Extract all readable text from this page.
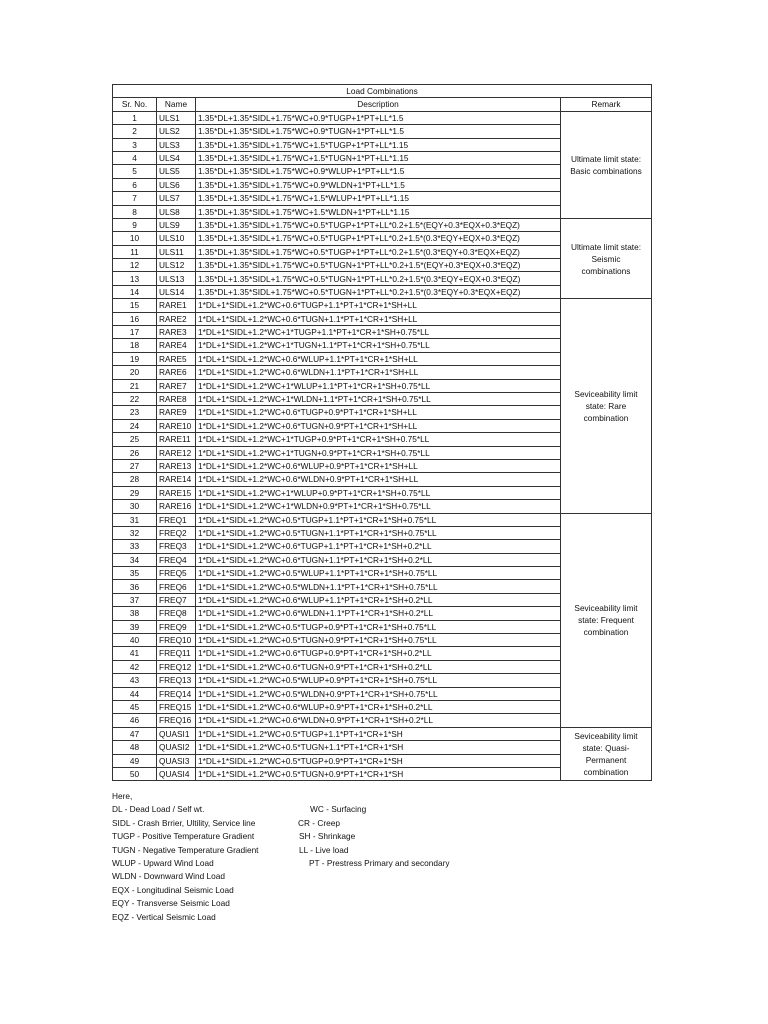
Load Combinations			
Sr. No.	Name	Description	Remark
1	ULS1	1.35*DL+1.35*SIDL+1.75*WC+0.9*TUGP+1*PT+LL*1.5	Ultimate limit state: Basic combinations
2	ULS2	1.35*DL+1.35*SIDL+1.75*WC+0.9*TUGN+1*PT+LL*1.5	
3	ULS3	1.35*DL+1.35*SIDL+1.75*WC+1.5*TUGP+1*PT+LL*1.15	
4	ULS4	1.35*DL+1.35*SIDL+1.75*WC+1.5*TUGN+1*PT+LL*1.15	
5	ULS5	1.35*DL+1.35*SIDL+1.75*WC+0.9*WLUP+1*PT+LL*1.5	
6	ULS6	1.35*DL+1.35*SIDL+1.75*WC+0.9*WLDN+1*PT+LL*1.5	
7	ULS7	1.35*DL+1.35*SIDL+1.75*WC+1.5*WLUP+1*PT+LL*1.15	
8	ULS8	1.35*DL+1.35*SIDL+1.75*WC+1.5*WLDN+1*PT+LL*1.15	
9	ULS9	1.35*DL+1.35*SIDL+1.75*WC+0.5*TUGP+1*PT+LL*0.2+1.5*(EQY+0.3*EQX+0.3*EQZ)	Ultimate limit state: Seismic combinations
10	ULS10	1.35*DL+1.35*SIDL+1.75*WC+0.5*TUGP+1*PT+LL*0.2+1.5*(0.3*EQY+EQX+0.3*EQZ)	
11	ULS11	1.35*DL+1.35*SIDL+1.75*WC+0.5*TUGP+1*PT+LL*0.2+1.5*(0.3*EQY+0.3*EQX+EQZ)	
12	ULS12	1.35*DL+1.35*SIDL+1.75*WC+0.5*TUGN+1*PT+LL*0.2+1.5*(EQY+0.3*EQX+0.3*EQZ)	
13	ULS13	1.35*DL+1.35*SIDL+1.75*WC+0.5*TUGN+1*PT+LL*0.2+1.5*(0.3*EQY+EQX+0.3*EQZ)	
14	ULS14	1.35*DL+1.35*SIDL+1.75*WC+0.5*TUGN+1*PT+LL*0.2+1.5*(0.3*EQY+0.3*EQX+EQZ)	
15	RARE1	1*DL+1*SIDL+1.2*WC+0.6*TUGP+1.1*PT+1*CR+1*SH+LL	Seviceability limit state: Rare combination
16	RARE2	1*DL+1*SIDL+1.2*WC+0.6*TUGN+1.1*PT+1*CR+1*SH+LL	
17	RARE3	1*DL+1*SIDL+1.2*WC+1*TUGP+1.1*PT+1*CR+1*SH+0.75*LL	
18	RARE4	1*DL+1*SIDL+1.2*WC+1*TUGN+1.1*PT+1*CR+1*SH+0.75*LL	
19	RARE5	1*DL+1*SIDL+1.2*WC+0.6*WLUP+1.1*PT+1*CR+1*SH+LL	
20	RARE6	1*DL+1*SIDL+1.2*WC+0.6*WLDN+1.1*PT+1*CR+1*SH+LL	
21	RARE7	1*DL+1*SIDL+1.2*WC+1*WLUP+1.1*PT+1*CR+1*SH+0.75*LL	
22	RARE8	1*DL+1*SIDL+1.2*WC+1*WLDN+1.1*PT+1*CR+1*SH+0.75*LL	
23	RARE9	1*DL+1*SIDL+1.2*WC+0.6*TUGP+0.9*PT+1*CR+1*SH+LL	
24	RARE10	1*DL+1*SIDL+1.2*WC+0.6*TUGN+0.9*PT+1*CR+1*SH+LL	
25	RARE11	1*DL+1*SIDL+1.2*WC+1*TUGP+0.9*PT+1*CR+1*SH+0.75*LL	
26	RARE12	1*DL+1*SIDL+1.2*WC+1*TUGN+0.9*PT+1*CR+1*SH+0.75*LL	
27	RARE13	1*DL+1*SIDL+1.2*WC+0.6*WLUP+0.9*PT+1*CR+1*SH+LL	
28	RARE14	1*DL+1*SIDL+1.2*WC+0.6*WLDN+0.9*PT+1*CR+1*SH+LL	
29	RARE15	1*DL+1*SIDL+1.2*WC+1*WLUP+0.9*PT+1*CR+1*SH+0.75*LL	
30	RARE16	1*DL+1*SIDL+1.2*WC+1*WLDN+0.9*PT+1*CR+1*SH+0.75*LL	
31	FREQ1	1*DL+1*SIDL+1.2*WC+0.5*TUGP+1.1*PT+1*CR+1*SH+0.75*LL	Seviceability limit state: Frequent combination
32	FREQ2	1*DL+1*SIDL+1.2*WC+0.5*TUGN+1.1*PT+1*CR+1*SH+0.75*LL	
33	FREQ3	1*DL+1*SIDL+1.2*WC+0.6*TUGP+1.1*PT+1*CR+1*SH+0.2*LL	
34	FREQ4	1*DL+1*SIDL+1.2*WC+0.6*TUGN+1.1*PT+1*CR+1*SH+0.2*LL	
35	FREQ5	1*DL+1*SIDL+1.2*WC+0.5*WLUP+1.1*PT+1*CR+1*SH+0.75*LL	
36	FREQ6	1*DL+1*SIDL+1.2*WC+0.5*WLDN+1.1*PT+1*CR+1*SH+0.75*LL	
37	FREQ7	1*DL+1*SIDL+1.2*WC+0.6*WLUP+1.1*PT+1*CR+1*SH+0.2*LL	
38	FREQ8	1*DL+1*SIDL+1.2*WC+0.6*WLDN+1.1*PT+1*CR+1*SH+0.2*LL	
39	FREQ9	1*DL+1*SIDL+1.2*WC+0.5*TUGP+0.9*PT+1*CR+1*SH+0.75*LL	
40	FREQ10	1*DL+1*SIDL+1.2*WC+0.5*TUGN+0.9*PT+1*CR+1*SH+0.75*LL	
41	FREQ11	1*DL+1*SIDL+1.2*WC+0.6*TUGP+0.9*PT+1*CR+1*SH+0.2*LL	
42	FREQ12	1*DL+1*SIDL+1.2*WC+0.6*TUGN+0.9*PT+1*CR+1*SH+0.2*LL	
43	FREQ13	1*DL+1*SIDL+1.2*WC+0.5*WLUP+0.9*PT+1*CR+1*SH+0.75*LL	
44	FREQ14	1*DL+1*SIDL+1.2*WC+0.5*WLDN+0.9*PT+1*CR+1*SH+0.75*LL	
45	FREQ15	1*DL+1*SIDL+1.2*WC+0.6*WLUP+0.9*PT+1*CR+1*SH+0.2*LL	
46	FREQ16	1*DL+1*SIDL+1.2*WC+0.6*WLDN+0.9*PT+1*CR+1*SH+0.2*LL	
47	QUASI1	1*DL+1*SIDL+1.2*WC+0.5*TUGP+1.1*PT+1*CR+1*SH	Seviceability limit state: Quasi-Permanent combination
48	QUASI2	1*DL+1*SIDL+1.2*WC+0.5*TUGN+1.1*PT+1*CR+1*SH	
49	QUASI3	1*DL+1*SIDL+1.2*WC+0.5*TUGP+0.9*PT+1*CR+1*SH	
50	QUASI4	1*DL+1*SIDL+1.2*WC+0.5*TUGN+0.9*PT+1*CR+1*SH	
Here,
DL - Dead Load / Self wt.	WC - Surfacing
SIDL - Crash Brrier, Ultility, Service line	CR - Creep
TUGP - Positive Temperature Gradient	SH - Shrinkage
TUGN - Negative Temperature Gradient	LL - Live load
WLUP - Upward Wind Load	PT - Prestress Primary and secondary
WLDN - Downward Wind Load
EQX - Longitudinal Seismic Load
EQY - Transverse Seismic Load
EQZ - Vertical Seismic Load
